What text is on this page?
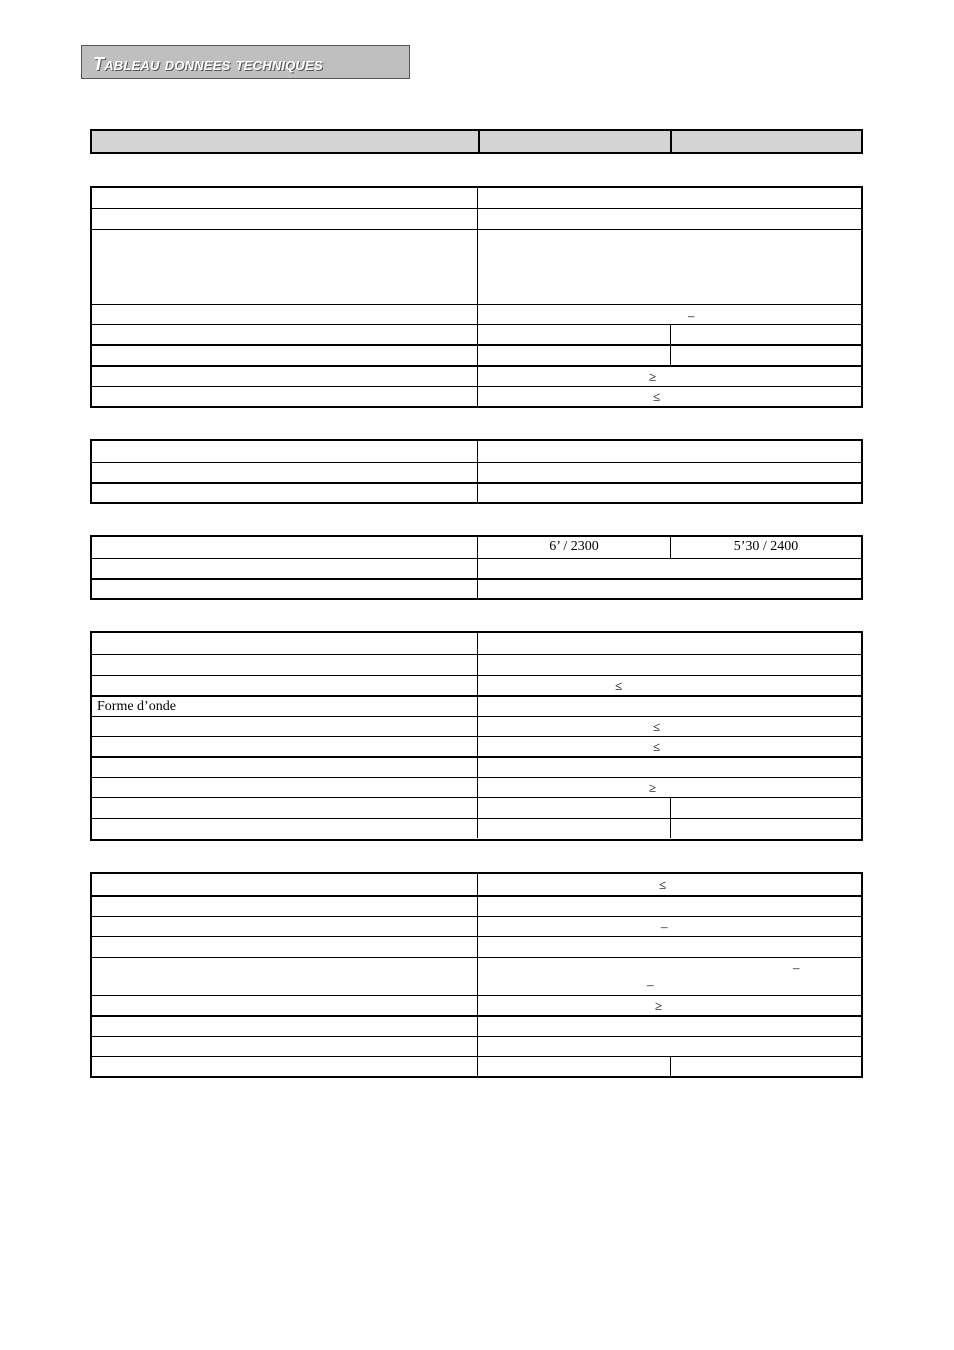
Tableau donnees techniques
–
≥
≤
6’ / 2300	5’30 / 2400
≤
Forme d’onde
≤
≤
≥
≤
–
–
–
≥
